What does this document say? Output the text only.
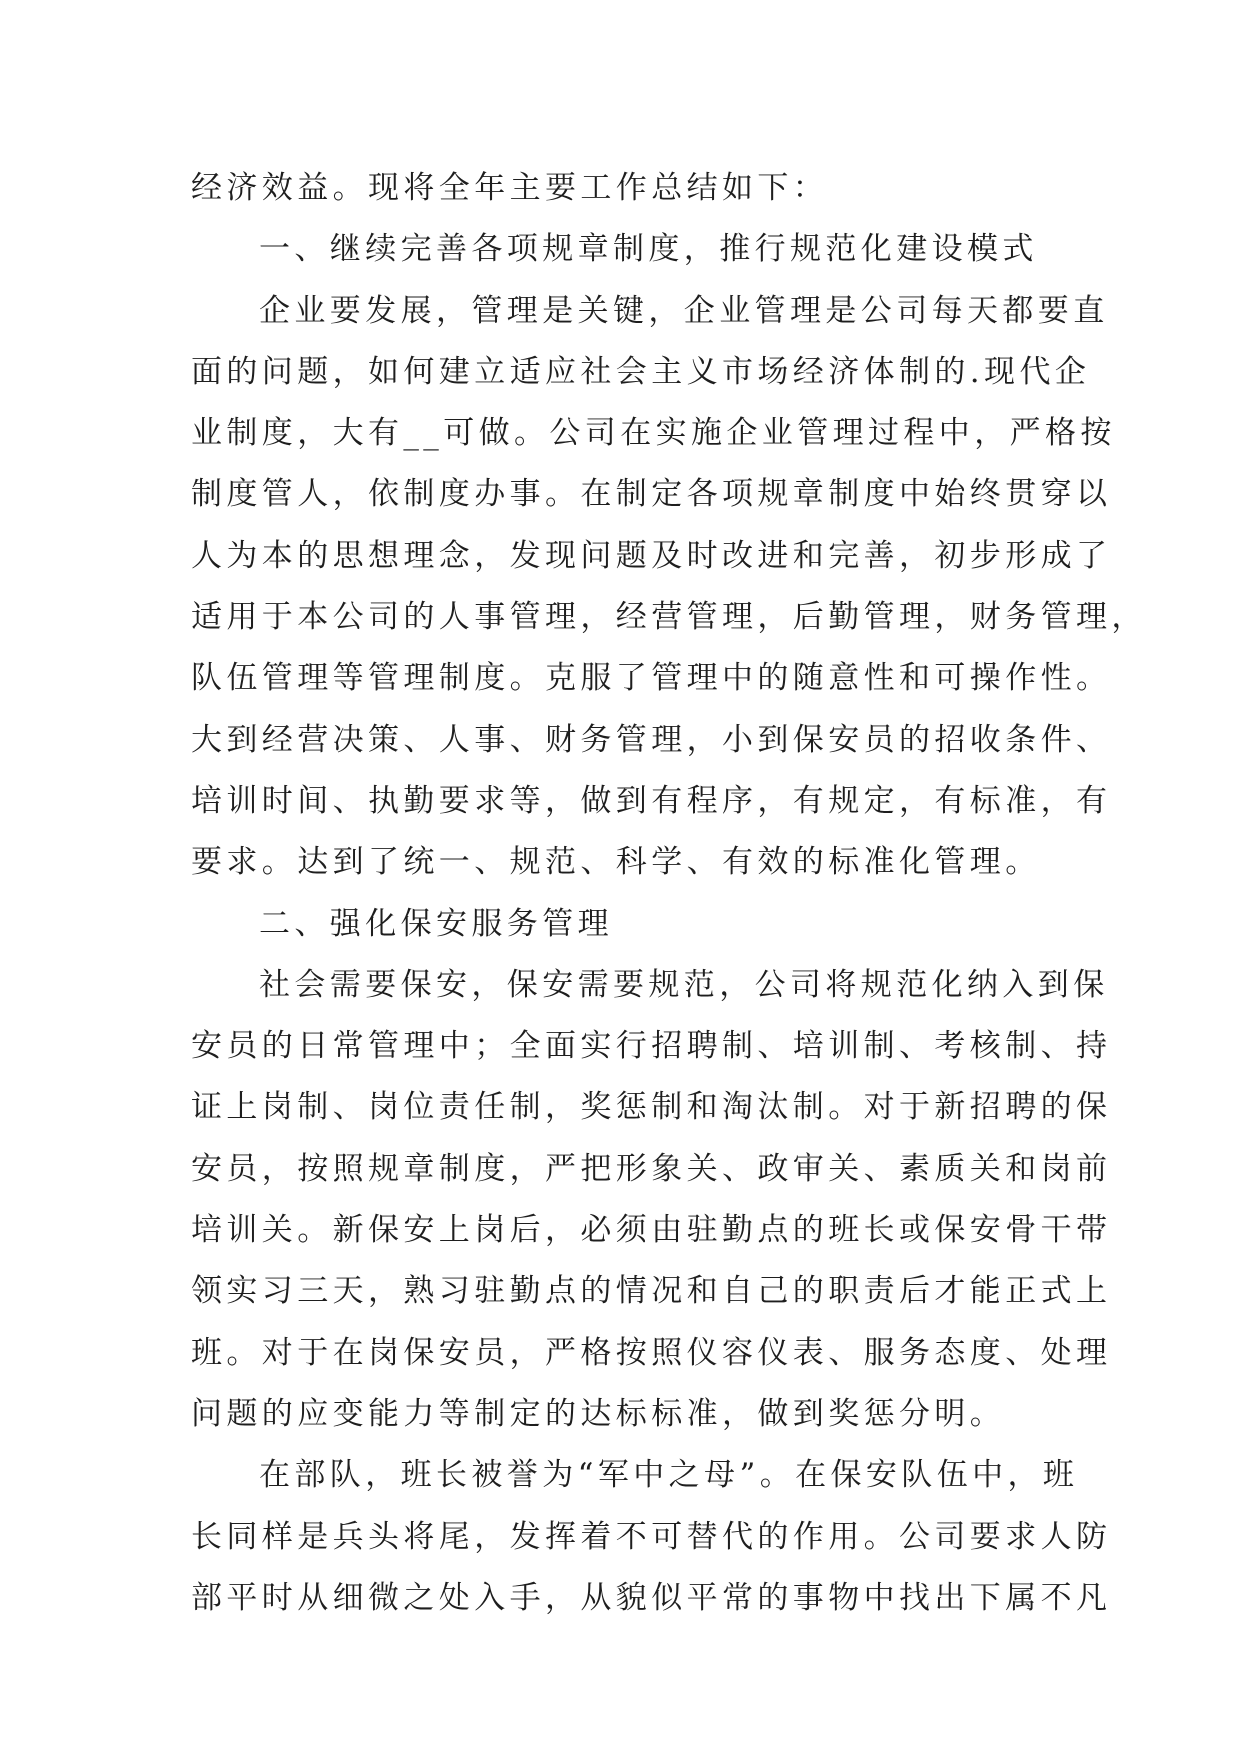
经济效益。现将全年主要工作总结如下：
一、继续完善各项规章制度，推行规范化建设模式
企业要发展，管理是关键，企业管理是公司每天都要直
面的问题，如何建立适应社会主义市场经济体制的.现代企
业制度，大有__可做。公司在实施企业管理过程中，严格按
制度管人，依制度办事。在制定各项规章制度中始终贯穿以
人为本的思想理念，发现问题及时改进和完善，初步形成了
适用于本公司的人事管理，经营管理，后勤管理，财务管理，
队伍管理等管理制度。克服了管理中的随意性和可操作性。
大到经营决策、人事、财务管理，小到保安员的招收条件、
培训时间、执勤要求等，做到有程序，有规定，有标准，有
要求。达到了统一、规范、科学、有效的标准化管理。
二、强化保安服务管理
社会需要保安，保安需要规范，公司将规范化纳入到保
安员的日常管理中；全面实行招聘制、培训制、考核制、持
证上岗制、岗位责任制，奖惩制和淘汰制。对于新招聘的保
安员，按照规章制度，严把形象关、政审关、素质关和岗前
培训关。新保安上岗后，必须由驻勤点的班长或保安骨干带
领实习三天，熟习驻勤点的情况和自己的职责后才能正式上
班。对于在岗保安员，严格按照仪容仪表、服务态度、处理
问题的应变能力等制定的达标标准，做到奖惩分明。
在部队，班长被誉为“军中之母”。在保安队伍中，班
长同样是兵头将尾，发挥着不可替代的作用。公司要求人防
部平时从细微之处入手，从貌似平常的事物中找出下属不凡
